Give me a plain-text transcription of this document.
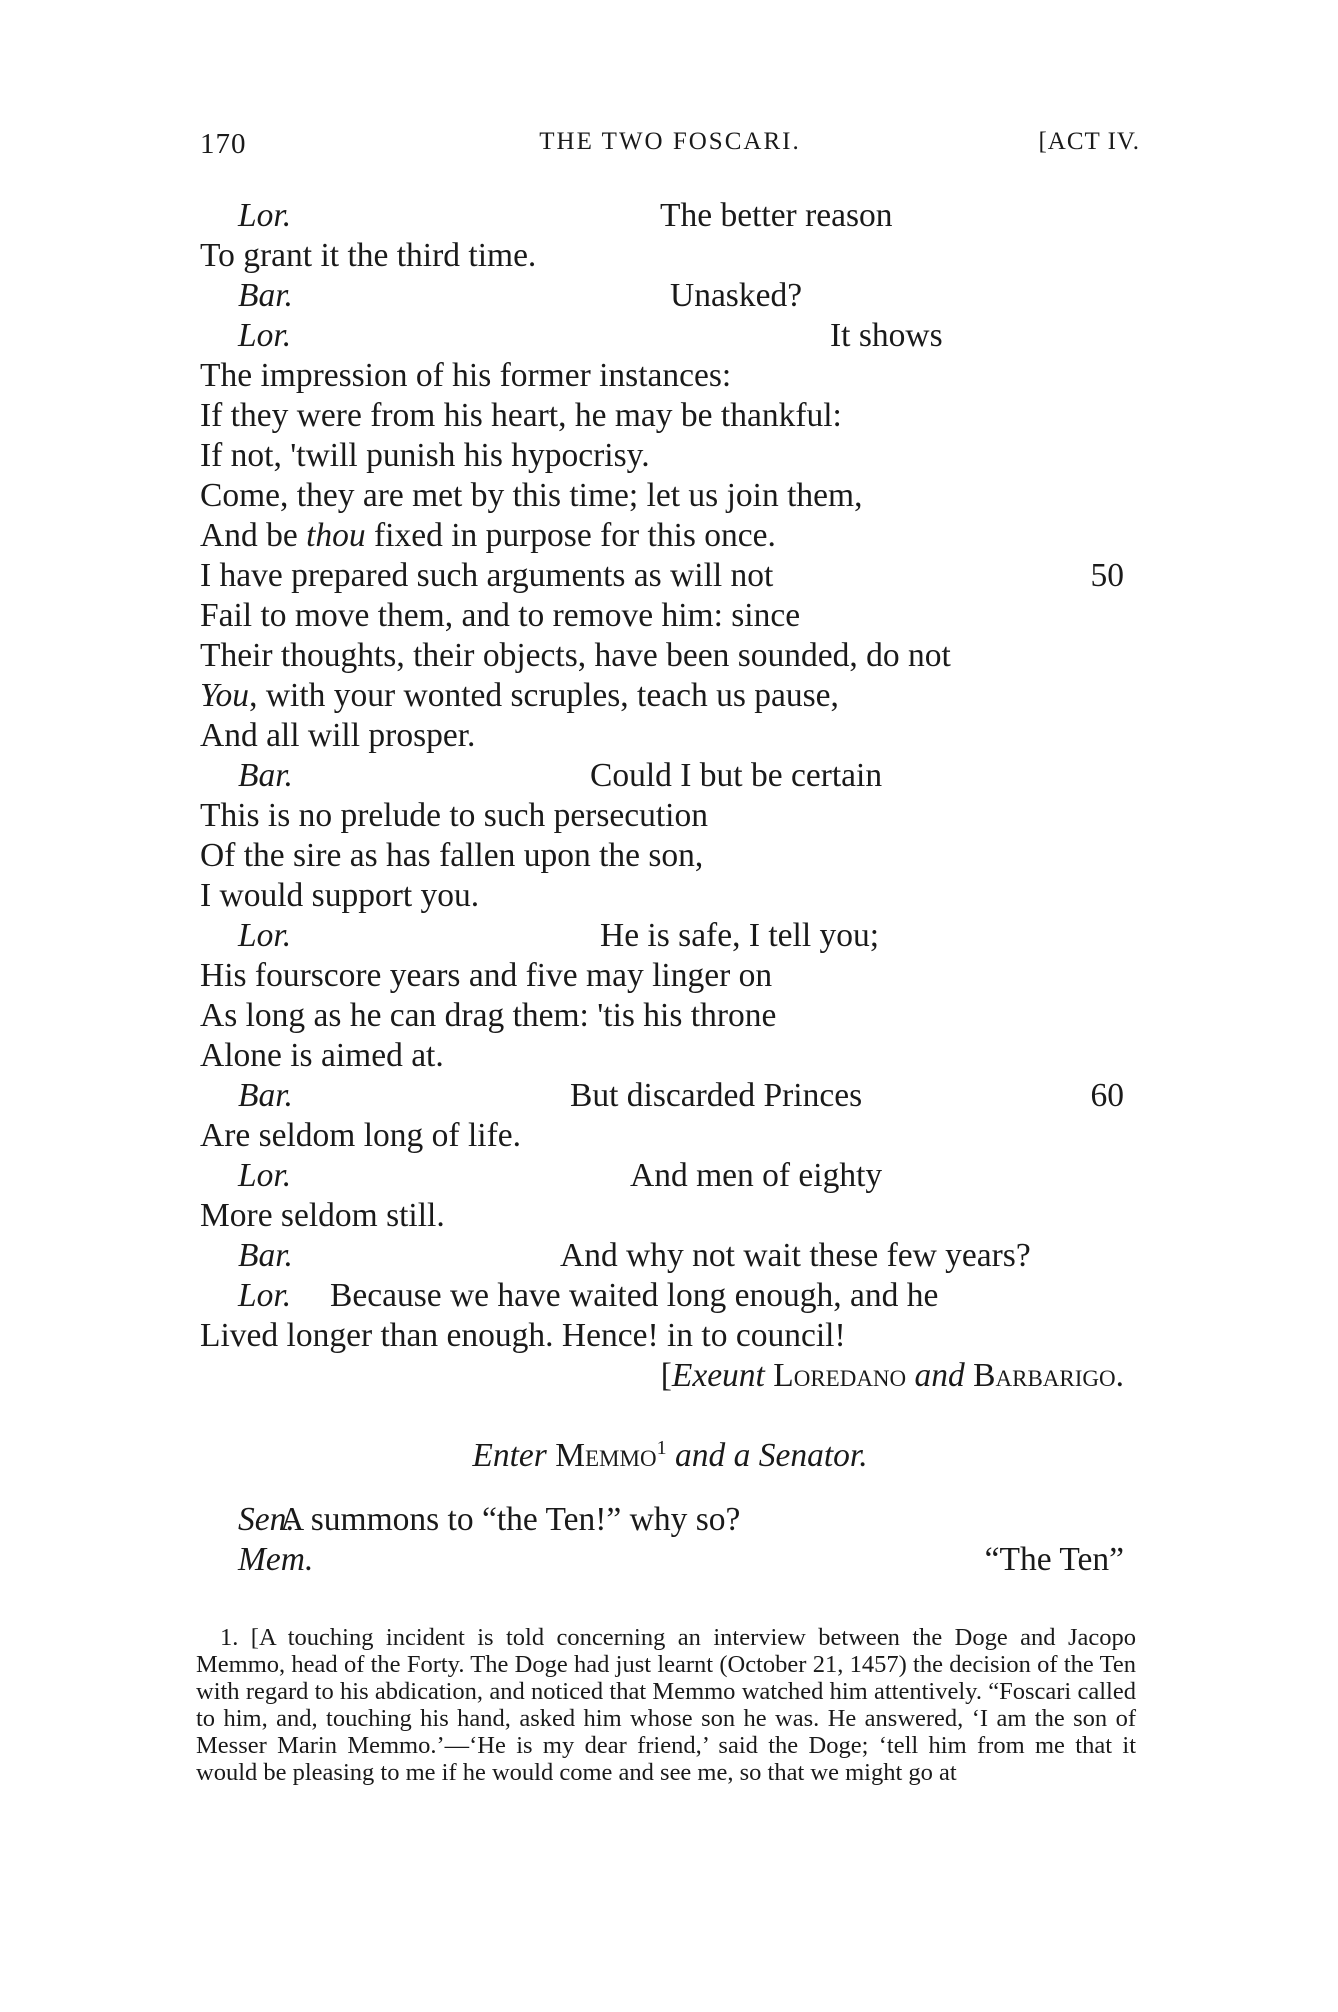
170	THE TWO FOSCARI.	[ACT IV.
Lor.	The better reason
To grant it the third time.
Bar.	Unasked?
Lor.	It shows
The impression of his former instances:
If they were from his heart, he may be thankful:
If not, 'twill punish his hypocrisy.
Come, they are met by this time; let us join them,
And be thou fixed in purpose for this once.
I have prepared such arguments as will not	50
Fail to move them, and to remove him: since
Their thoughts, their objects, have been sounded, do not
You, with your wonted scruples, teach us pause,
And all will prosper.
Bar.	Could I but be certain
This is no prelude to such persecution
Of the sire as has fallen upon the son,
I would support you.
Lor.	He is safe, I tell you;
His fourscore years and five may linger on
As long as he can drag them: 'tis his throne
Alone is aimed at.
Bar.	But discarded Princes	60
Are seldom long of life.
Lor.	And men of eighty
More seldom still.
Bar.	And why not wait these few years?
Lor. Because we have waited long enough, and he
Lived longer than enough. Hence! in to council!
[Exeunt Loredano and Barbarigo.
Enter Memmo$^1$ and a Senator.
Sen.
A summons to “the Ten!” why so?
Mem.	“The Ten”

1. [A touching incident is told concerning an interview between the Doge and Jacopo Memmo, head of the Forty. The Doge had just learnt (October 21, 1457) the decision of the Ten with regard to his abdication, and noticed that Memmo watched him attentively. “Foscari called to him, and, touching his hand, asked him whose son he was. He answered, ‘I am the son of Messer Marin Memmo.’—‘He is my dear friend,’ said the Doge; ‘tell him from me that it would be pleasing to me if he would come and see me, so that we might go at
